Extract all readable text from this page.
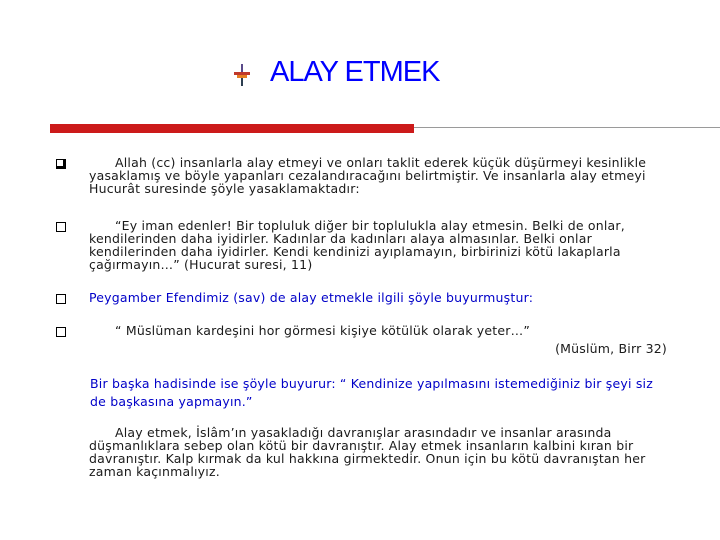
ALAY ETMEK
Allah (cc) insanlarla alay etmeyi ve onları taklit ederek küçük düşürmeyi kesinlikle yasaklamış ve böyle yapanları cezalandıracağını belirtmiştir. Ve insanlarla alay etmeyi Hucurât suresinde şöyle yasaklamaktadır:
“Ey iman edenler! Bir topluluk diğer bir toplulukla alay etmesin. Belki de onlar, kendilerinden daha iyidirler. Kadınlar da kadınları alaya almasınlar. Belki onlar kendilerinden daha iyidirler. Kendi kendinizi ayıplamayın, birbirinizi kötü lakaplarla çağırmayın…” (Hucurat suresi, 11)
Peygamber Efendimiz (sav) de alay etmekle ilgili şöyle buyurmuştur:
“ Müslüman kardeşini hor görmesi kişiye kötülük olarak yeter…”
(Müslüm, Birr 32)
Bir başka hadisinde ise şöyle buyurur: “ Kendinize yapılmasını istemediğiniz bir şeyi siz de başkasına yapmayın.”
Alay etmek, İslâm’ın yasakladığı davranışlar arasındadır ve insanlar arasında düşmanlıklara sebep olan kötü bir davranıştır. Alay etmek insanların kalbini kıran bir davranıştır. Kalp kırmak da kul hakkına girmektedir. Onun için bu kötü davranıştan her zaman kaçınmalıyız.
